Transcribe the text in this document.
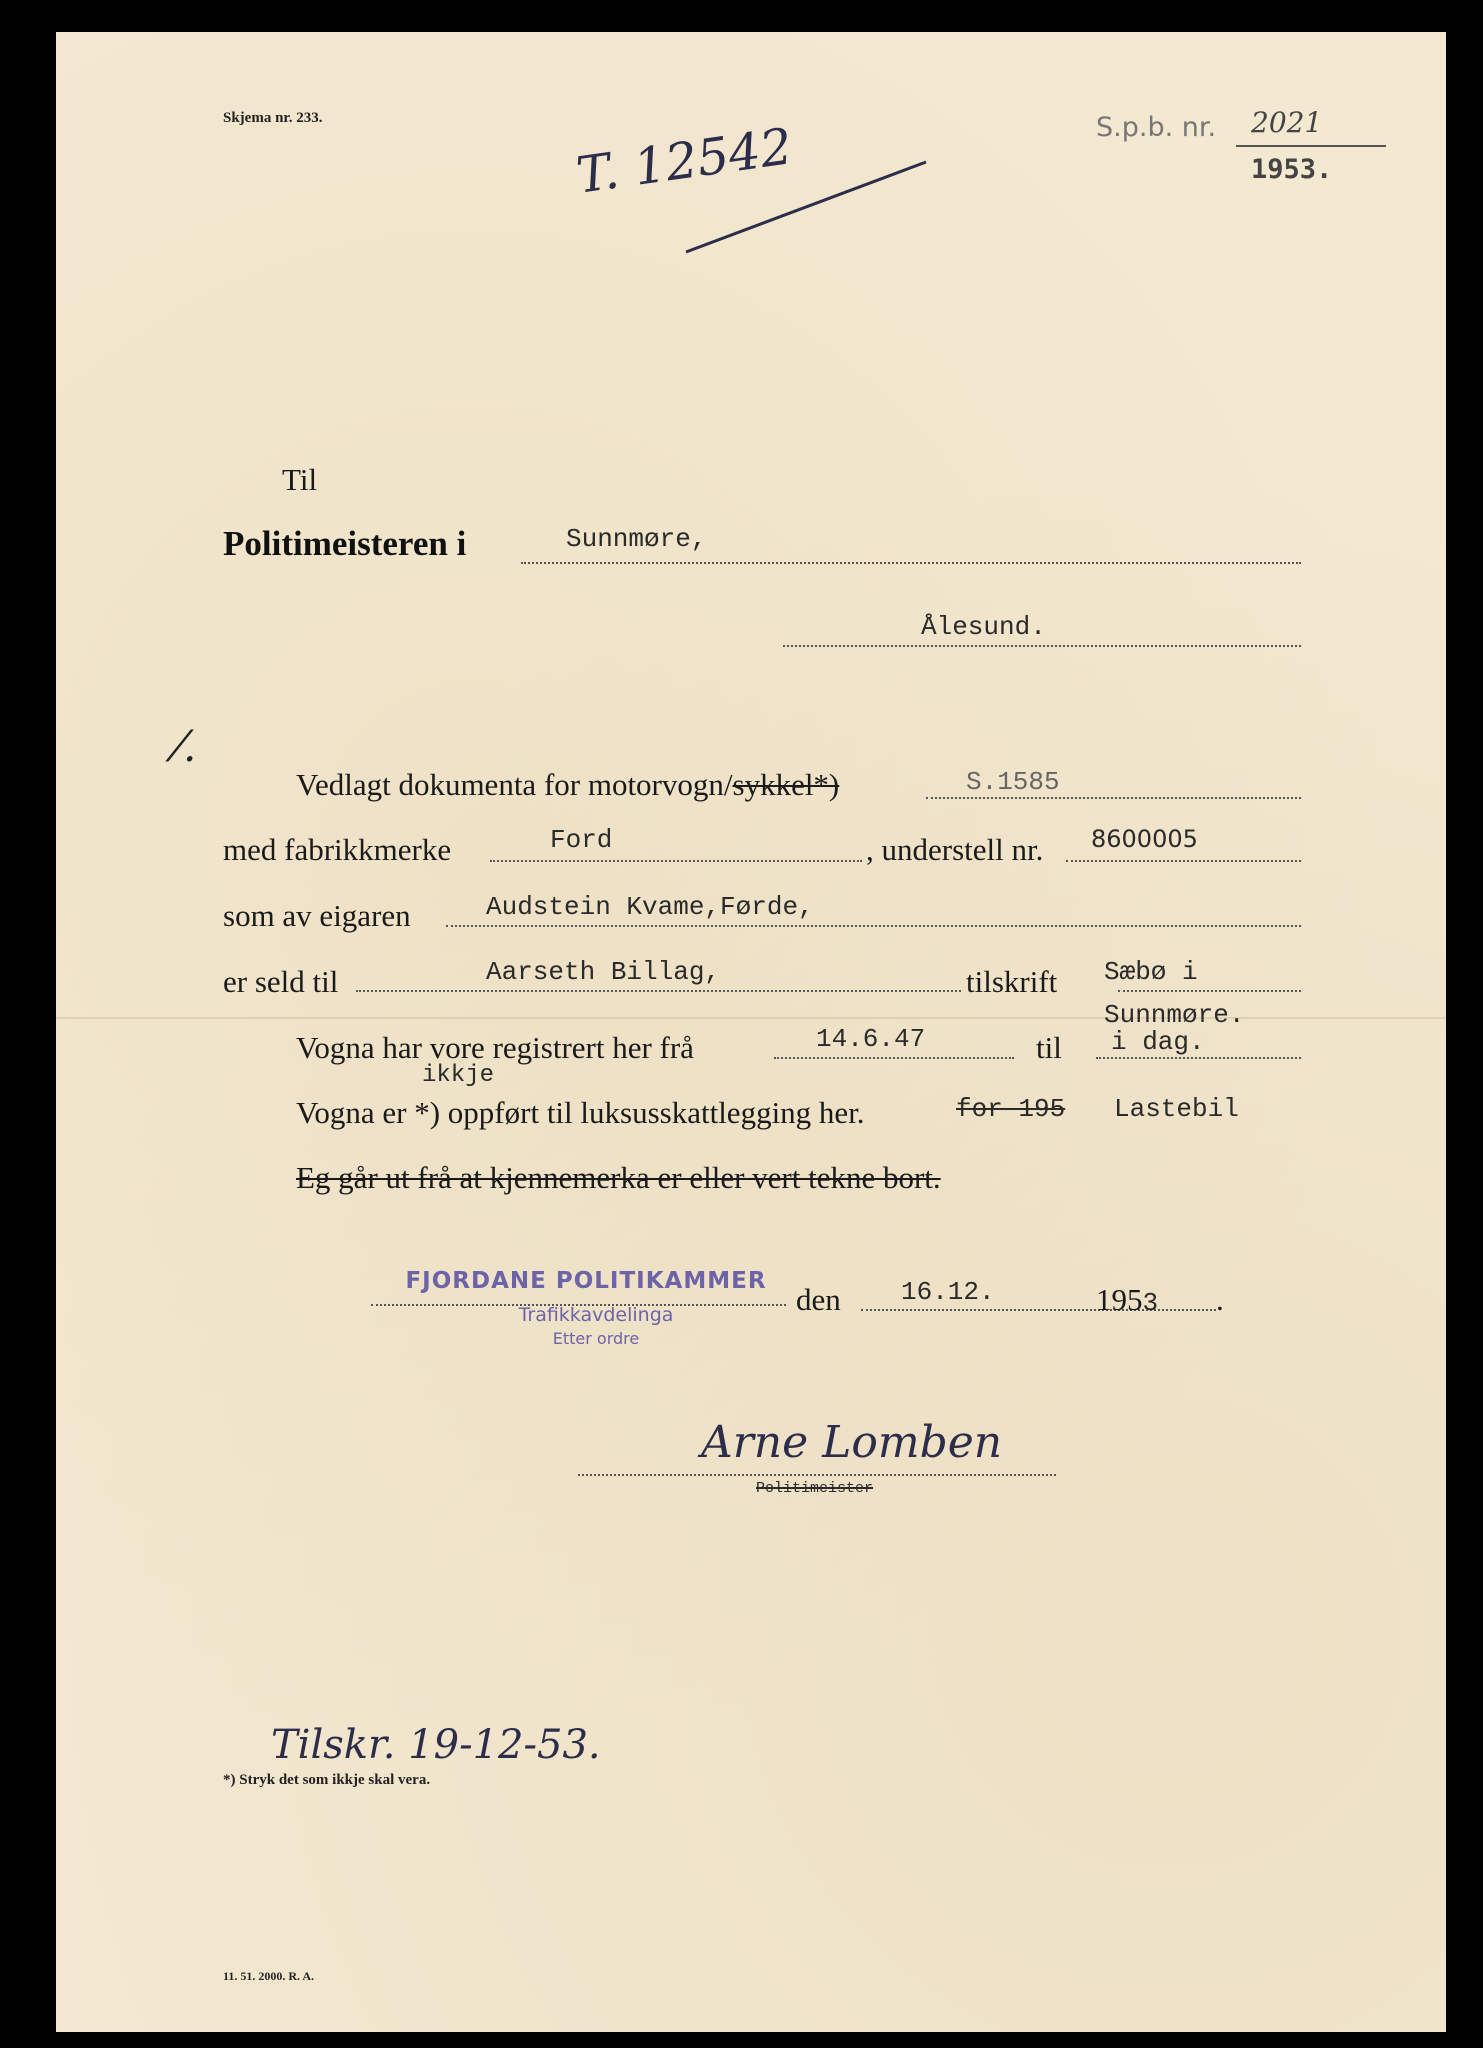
Skjema nr. 233.	T. 12542	S.p.b. nr. 2021
1953.
Til
Politimeisteren i	Sunnmøre,
Ålesund.
⁄.
Vedlagt dokumenta for motorvogn/sykkel*)	S.1585
med fabrikkmerke	Ford	, understell nr. 8600005
som av eigaren	Audstein Kvame,Førde,
er seld til	Aarseth Billag,	tilskrift Sæbø i
Sunnmøre.
Vogna har vore registrert her frå	14.6.47	til i dag.
ikkje
Vogna er *) oppført til luksusskattlegging her.	for 195 Lastebil
Eg går ut frå at kjennemerka er eller vert tekne bort.
FJORDANE POLITIKAMMER
Trafikkavdelinga
Etter ordre
den 16.12.	1953 .
Arne Lomben
Politimeister
Tilskr. 19-12-53.
*) Stryk det som ikkje skal vera.
11. 51. 2000. R. A.
